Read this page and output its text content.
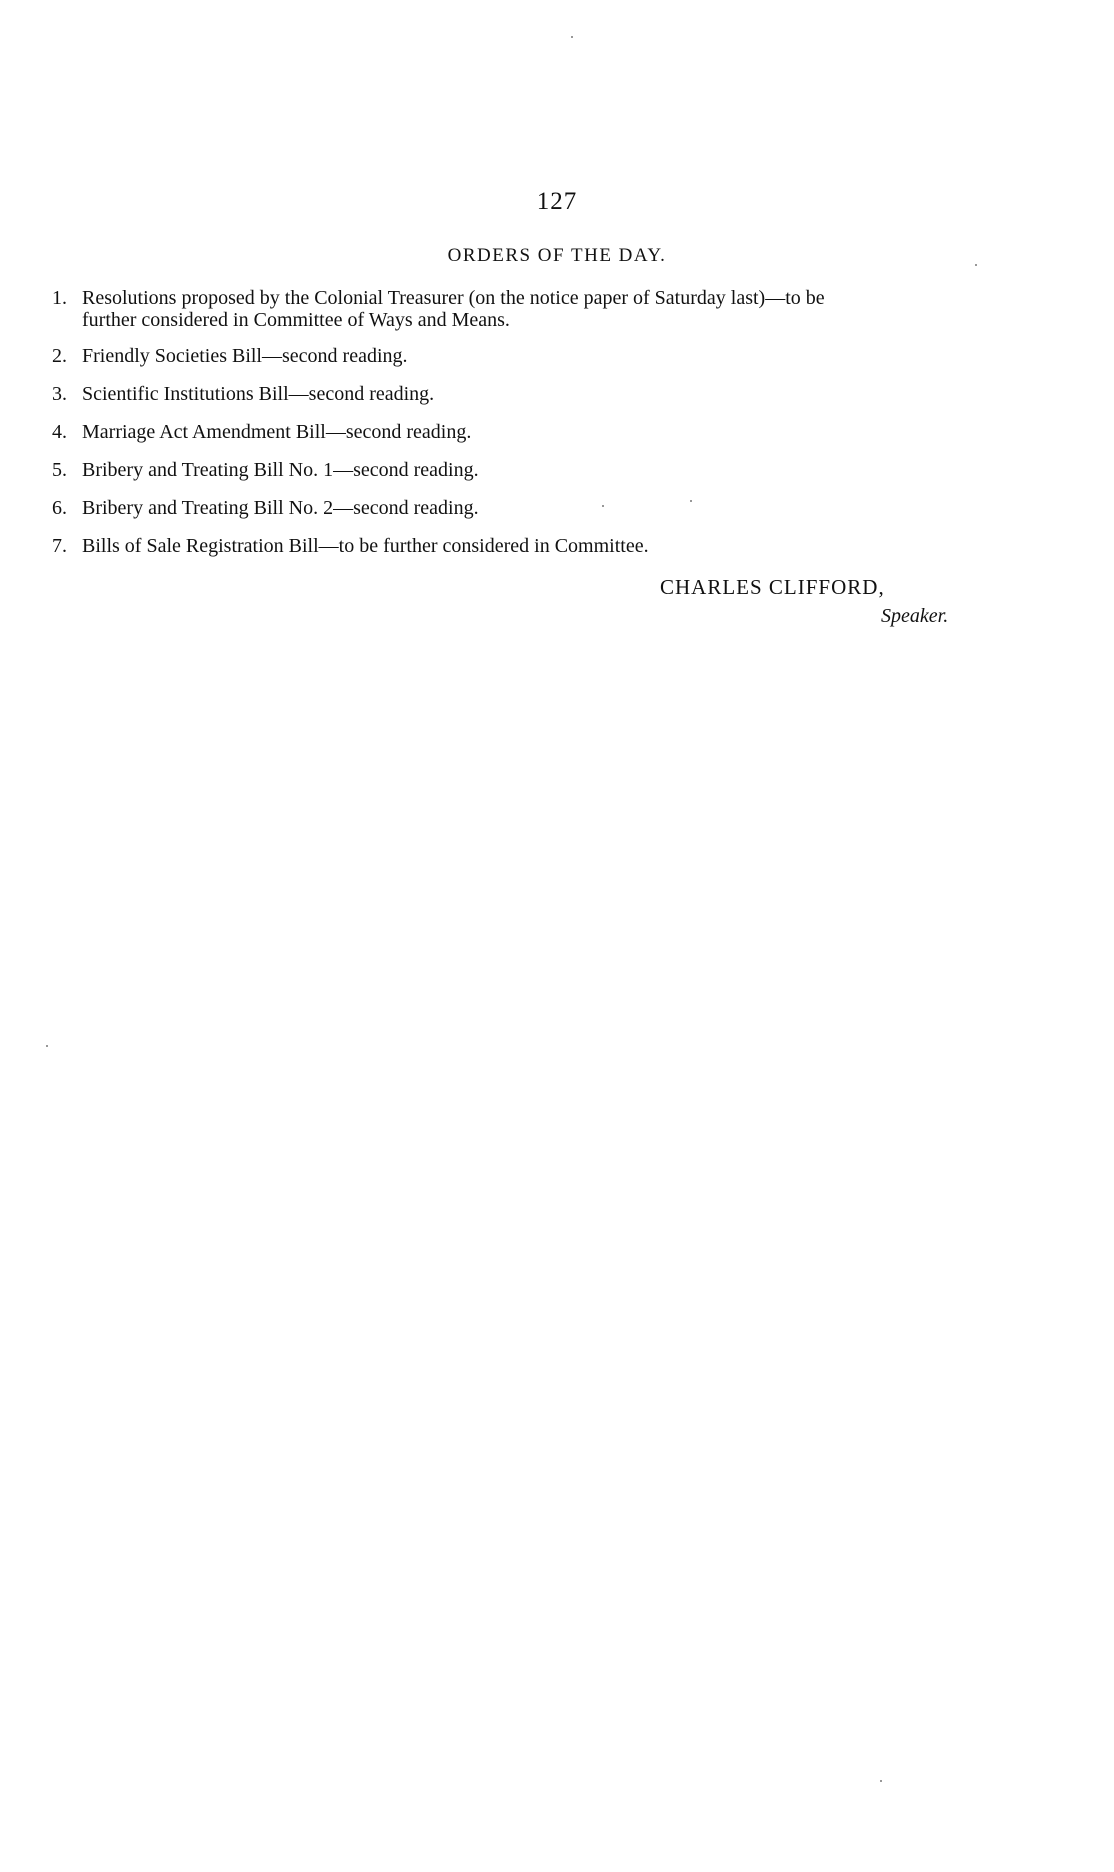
127
ORDERS OF THE DAY.
1. Resolutions proposed by the Colonial Treasurer (on the notice paper of Saturday last)—to be
further considered in Committee of Ways and Means.
2. Friendly Societies Bill—second reading.
3. Scientific Institutions Bill—second reading.
4. Marriage Act Amendment Bill—second reading.
5. Bribery and Treating Bill No. 1—second reading.
6. Bribery and Treating Bill No. 2—second reading.
7. Bills of Sale Registration Bill—to be further considered in Committee.
CHARLES CLIFFORD,
Speaker.
